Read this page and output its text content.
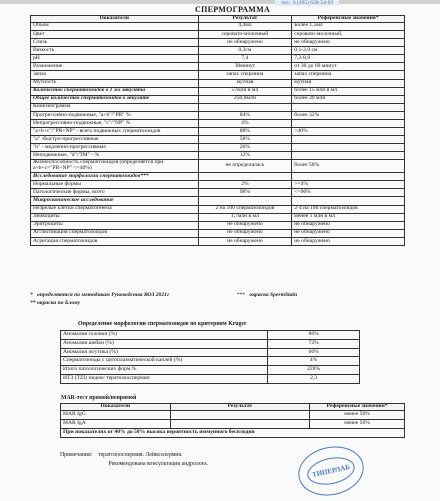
тел.: 8 (495) 638-54-03
СПЕРМОГРАММА
Показатели	Результат	Референсные значения*
Объем	4,4мл	Более 1,5мл
Цвет	серовато-молочный	серовато-молочный,
Слизь	не обнаружено	не обнаружено
Вязкость	0,3см	0,1-2,0 см
pH	7,4	7,2-8,0
Разжижение	30минут	от 30 до 60 минут
Запах	запах спермина	запах спермина
Мутность	мутная	мутная
Количество сперматозоидов в 1 мл эякулята	57млн в мл	более 15 млн в мл
Общее количество сперматозоидов в эякуляте	250,8млн	более 39 млн
Кинезиограмма		
Прогрессивно-подвижные, "a+b"/"PR" %	84%	более 32%
Непрогрессивно-подвижные, "c"/"NP" %	4%	
"a+b+c"/"PR+NP" - всего подвижных сперматозоидов	88%	>40%
"a" -быстро-прогрессивные	58%	
"b" - медленно-прогрессивные	26%	
Неподвижные, "d"/"IM" - %	12%	
Жизнеспособность сперматозоидов (определяется при a+b+c="PR+NP" <=40%)	не определялась	более 58%
Исследование морфологии сперматозоидов***		
Нормальные формы	2%	>=4%
Патологические формы, всего	98%	<=96%
Микроскопическое исследование		
Незрелые клетки сперматогенеза	2 на 100 сперматозоидов	2-4 на 100 сперматозоидов
Лейкоциты	1,7млн в мл	менее 1 млн в мл
Эритроциты	не обнаружено	не обнаружено
Агглютинация сперматозоидов	не обнаружено	не обнаружено
Агрегация сперматозоидов	не обнаружено	не обнаружено
* определяются по методикам Руководства ВОЗ 2021г	*** окраска SpermStain
** окраска по Блому
Определение морфологии сперматозоидов по критериям Kruger
Аномалия головки (%)	86%
Аномалия шейки (%)	72%
Аномалия жгутика (%)	66%
Сперматозоиды с цитоплазматической каплей (%)	4%
Итого патологических форм,%	228%
ИТЗ (TZI) индекс тератозооспермии	2,3
MAR-тест прямой/непрямой
Показатели	Результат	Референсные значения*
MAR IgG		менее 50%
MAR IgA		менее 50%
При показателях от 40% до 50% высока вероятность иммунного бесплодия		
Примечания: тератозооспермия. Лейкоспермия.
Рекомендована консультация андролога.	ТИПЕРЛАБ
